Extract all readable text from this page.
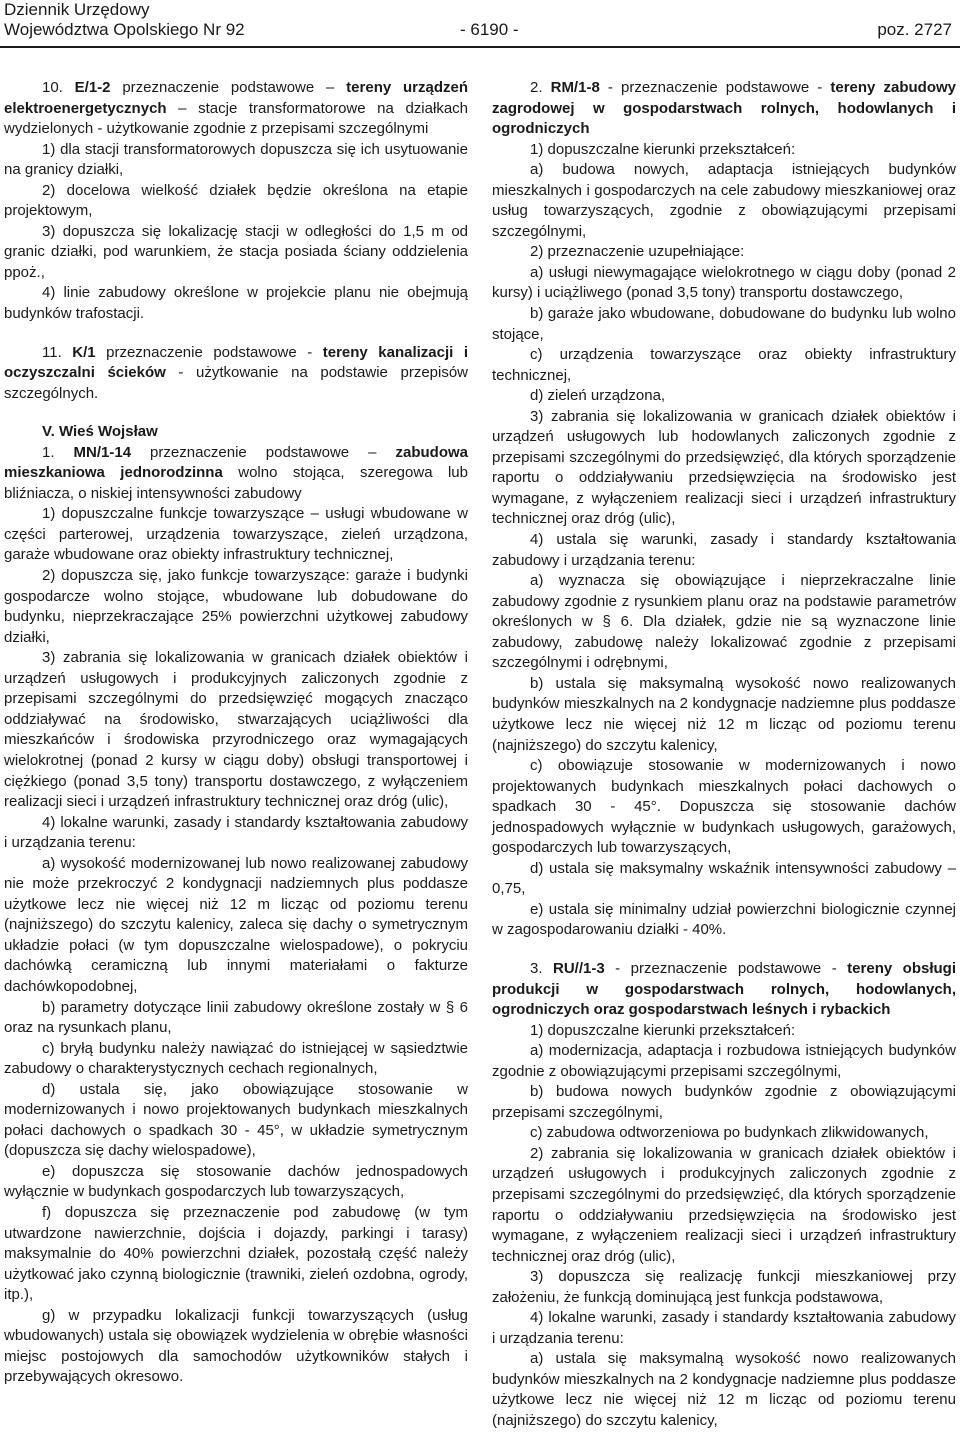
Dziennik Urzędowy
Województwa Opolskiego Nr 92	- 6190 -	poz. 2727

10. E/1-2 przeznaczenie podstawowe – tereny urządzeń elektroenergetycznych – stacje transformatorowe na działkach wydzielonych - użytkowanie zgodnie z przepisami szczególnymi

1) dla stacji transformatorowych dopuszcza się ich usytuowanie na granicy działki,

2) docelowa wielkość działek będzie określona na etapie projektowym,

3) dopuszcza się lokalizację stacji w odległości do 1,5 m od granic działki, pod warunkiem, że stacja posiada ściany oddzielenia ppoż.,

4) linie zabudowy określone w projekcie planu nie obejmują budynków trafostacji.

11. K/1 przeznaczenie podstawowe - tereny kanalizacji i oczyszczalni ścieków - użytkowanie na podstawie przepisów szczególnych.

V. Wieś Wojsław

1. MN/1-14 przeznaczenie podstawowe – zabudowa mieszkaniowa jednorodzinna wolno stojąca, szeregowa lub bliźniacza, o niskiej intensywności zabudowy

1) dopuszczalne funkcje towarzyszące – usługi wbudowane w części parterowej, urządzenia towarzyszące, zieleń urządzona, garaże wbudowane oraz obiekty infrastruktury technicznej,

2) dopuszcza się, jako funkcje towarzyszące: garaże i budynki gospodarcze wolno stojące, wbudowane lub dobudowane do budynku, nieprzekraczające 25% powierzchni użytkowej zabudowy działki,

3) zabrania się lokalizowania w granicach działek obiektów i urządzeń usługowych i produkcyjnych zaliczonych zgodnie z przepisami szczególnymi do przedsięwzięć mogących znacząco oddziaływać na środowisko, stwarzających uciążliwości dla mieszkańców i środowiska przyrodniczego oraz wymagających wielokrotnej (ponad 2 kursy w ciągu doby) obsługi transportowej i ciężkiego (ponad 3,5 tony) transportu dostawczego, z wyłączeniem realizacji sieci i urządzeń infrastruktury technicznej oraz dróg (ulic),

4) lokalne warunki, zasady i standardy kształtowania zabudowy i urządzania terenu:

a) wysokość modernizowanej lub nowo realizowanej zabudowy nie może przekroczyć 2 kondygnacji nadziemnych plus poddasze użytkowe lecz nie więcej niż 12 m licząc od poziomu terenu (najniższego) do szczytu kalenicy, zaleca się dachy o symetrycznym układzie połaci (w tym dopuszczalne wielospadowe), o pokryciu dachówką ceramiczną lub innymi materiałami o fakturze dachówkopodobnej,

b) parametry dotyczące linii zabudowy określone zostały w § 6 oraz na rysunkach planu,

c) bryłą budynku należy nawiązać do istniejącej w sąsiedztwie zabudowy o charakterystycznych cechach regionalnych,

d) ustala się, jako obowiązujące stosowanie w modernizowanych i nowo projektowanych budynkach mieszkalnych połaci dachowych o spadkach 30 - 45°, w układzie symetrycznym (dopuszcza się dachy wielospadowe),

e) dopuszcza się stosowanie dachów jednospadowych wyłącznie w budynkach gospodarczych lub towarzyszących,

f) dopuszcza się przeznaczenie pod zabudowę (w tym utwardzone nawierzchnie, dojścia i dojazdy, parkingi i tarasy) maksymalnie do 40% powierzchni działek, pozostałą część należy użytkować jako czynną biologicznie (trawniki, zieleń ozdobna, ogrody, itp.),

g) w przypadku lokalizacji funkcji towarzyszących (usług wbudowanych) ustala się obowiązek wydzielenia w obrębie własności miejsc postojowych dla samochodów użytkowników stałych i przebywających okresowo.

2. RM/1-8 - przeznaczenie podstawowe - tereny zabudowy zagrodowej w gospodarstwach rolnych, hodowlanych i ogrodniczych

1) dopuszczalne kierunki przekształceń:

a) budowa nowych, adaptacja istniejących budynków mieszkalnych i gospodarczych na cele zabudowy mieszkaniowej oraz usług towarzyszących, zgodnie z obowiązującymi przepisami szczególnymi,

2) przeznaczenie uzupełniające:

a) usługi niewymagające wielokrotnego w ciągu doby (ponad 2 kursy) i uciążliwego (ponad 3,5 tony) transportu dostawczego,

b) garaże jako wbudowane, dobudowane do budynku lub wolno stojące,

c) urządzenia towarzyszące oraz obiekty infrastruktury technicznej,

d) zieleń urządzona,

3) zabrania się lokalizowania w granicach działek obiektów i urządzeń usługowych lub hodowlanych zaliczonych zgodnie z przepisami szczególnymi do przedsięwzięć, dla których sporządzenie raportu o oddziaływaniu przedsięwzięcia na środowisko jest wymagane, z wyłączeniem realizacji sieci i urządzeń infrastruktury technicznej oraz dróg (ulic),

4) ustala się warunki, zasady i standardy kształtowania zabudowy i urządzania terenu:

a) wyznacza się obowiązujące i nieprzekraczalne linie zabudowy zgodnie z rysunkiem planu oraz na podstawie parametrów określonych w § 6. Dla działek, gdzie nie są wyznaczone linie zabudowy, zabudowę należy lokalizować zgodnie z przepisami szczególnymi i odrębnymi,

b) ustala się maksymalną wysokość nowo realizowanych budynków mieszkalnych na 2 kondygnacje nadziemne plus poddasze użytkowe lecz nie więcej niż 12 m licząc od poziomu terenu (najniższego) do szczytu kalenicy,

c) obowiązuje stosowanie w modernizowanych i nowo projektowanych budynkach mieszkalnych połaci dachowych o spadkach 30 - 45°. Dopuszcza się stosowanie dachów jednospadowych wyłącznie w budynkach usługowych, garażowych, gospodarczych lub towarzyszących,

d) ustala się maksymalny wskaźnik intensywności zabudowy – 0,75,

e) ustala się minimalny udział powierzchni biologicznie czynnej w zagospodarowaniu działki - 40%.

3. RU//1-3 - przeznaczenie podstawowe - tereny obsługi produkcji w gospodarstwach rolnych, hodowlanych, ogrodniczych oraz gospodarstwach leśnych i rybackich

1) dopuszczalne kierunki przekształceń:

a) modernizacja, adaptacja i rozbudowa istniejących budynków zgodnie z obowiązującymi przepisami szczególnymi,

b) budowa nowych budynków zgodnie z obowiązującymi przepisami szczególnymi,

c) zabudowa odtworzeniowa po budynkach zlikwidowanych,

2) zabrania się lokalizowania w granicach działek obiektów i urządzeń usługowych i produkcyjnych zaliczonych zgodnie z przepisami szczególnymi do przedsięwzięć, dla których sporządzenie raportu o oddziaływaniu przedsięwzięcia na środowisko jest wymagane, z wyłączeniem realizacji sieci i urządzeń infrastruktury technicznej oraz dróg (ulic),

3) dopuszcza się realizację funkcji mieszkaniowej przy założeniu, że funkcją dominującą jest funkcja podstawowa,

4) lokalne warunki, zasady i standardy kształtowania zabudowy i urządzania terenu:

a) ustala się maksymalną wysokość nowo realizowanych budynków mieszkalnych na 2 kondygnacje nadziemne plus poddasze użytkowe lecz nie więcej niż 12 m licząc od poziomu terenu (najniższego) do szczytu kalenicy,
